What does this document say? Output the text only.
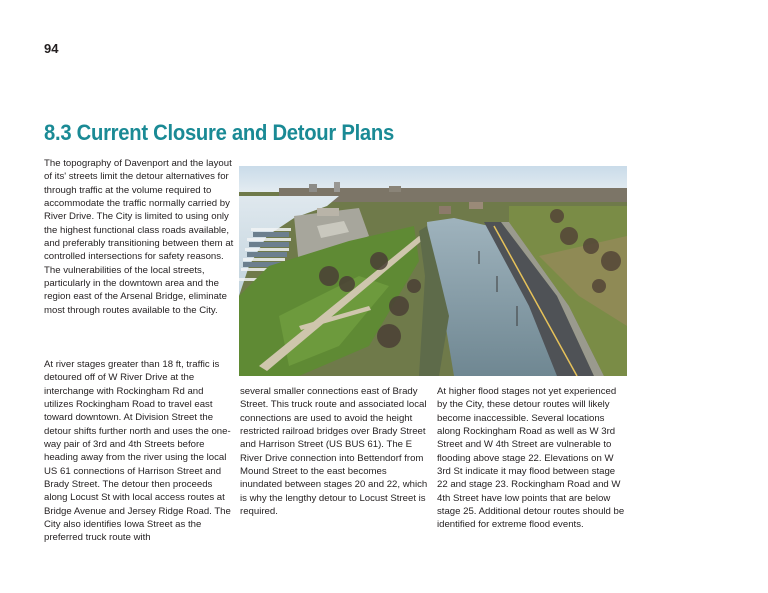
94
8.3 Current Closure and Detour Plans

The topography of Davenport and the layout of its' streets limit the detour alternatives for through traffic at the volume required to accommodate the traffic normally carried by River Drive. The City is limited to using only the highest functional class roads available, and preferably transitioning between them at controlled intersections for safety reasons. The vulnerabilities of the local streets, particularly in the downtown area and the region east of the Arsenal Bridge, eliminate most through routes available to the City.

At river stages greater than 18 ft, traffic is detoured off of W River Drive at the interchange with Rockingham Rd and utilizes Rockingham Road to travel east toward downtown. At Division Street the detour shifts further north and uses the one-way pair of 3rd and 4th Streets before heading away from the river using the local US 61 connections of Harrison Street and Brady Street. The detour then proceeds along Locust St with local access routes at Bridge Avenue and Jersey Ridge Road. The City also identifies Iowa Street as the preferred truck route with

several smaller connections east of Brady Street. This truck route and associated local connections are used to avoid the height restricted railroad bridges over Brady Street and Harrison Street (US BUS 61). The E River Drive connection into Bettendorf from Mound Street to the east becomes inundated between stages 20 and 22, which is why the lengthy detour to Locust Street is required.

At higher flood stages not yet experienced by the City, these detour routes will likely become inaccessible. Several locations along Rockingham Road as well as W 3rd Street and W 4th Street are vulnerable to flooding above stage 22. Elevations on W 3rd St indicate it may flood between stage 22 and stage 23. Rockingham Road and W 4th Street have low points that are below stage 25. Additional detour routes should be identified for extreme flood events.
